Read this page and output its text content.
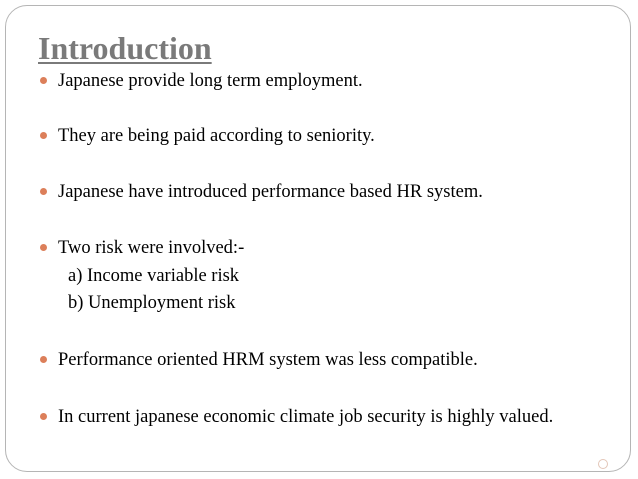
Introduction
Japanese provide long term employment.
They are being paid according to seniority.
Japanese have introduced performance based HR system.
Two risk were involved:-
a) Income variable risk
b) Unemployment risk
Performance oriented HRM system was less compatible.
In current japanese economic climate job security is highly valued.
